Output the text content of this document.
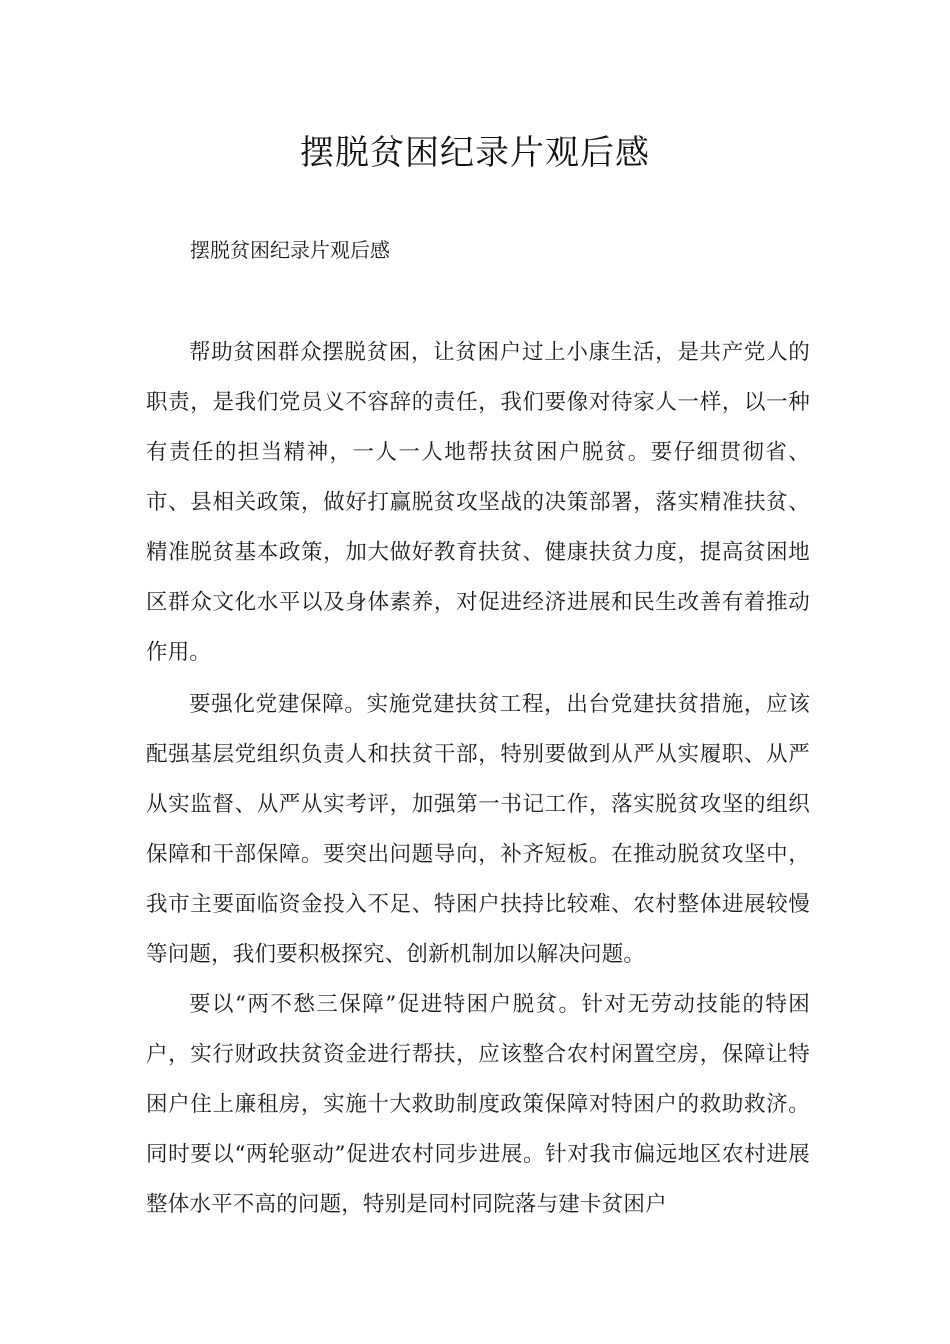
摆脱贫困纪录片观后感

摆脱贫困纪录片观后感

帮助贫困群众摆脱贫困，让贫困户过上小康生活，是共产党人的职责，是我们党员义不容辞的责任，我们要像对待家人一样，以一种有责任的担当精神，一人一人地帮扶贫困户脱贫。要仔细贯彻省、市、县相关政策，做好打赢脱贫攻坚战的决策部署，落实精准扶贫、精准脱贫基本政策，加大做好教育扶贫、健康扶贫力度，提高贫困地区群众文化水平以及身体素养，对促进经济进展和民生改善有着推动作用。

要强化党建保障。实施党建扶贫工程，出台党建扶贫措施，应该配强基层党组织负责人和扶贫干部，特别要做到从严从实履职、从严从实监督、从严从实考评，加强第一书记工作，落实脱贫攻坚的组织保障和干部保障。要突出问题导向，补齐短板。在推动脱贫攻坚中，我市主要面临资金投入不足、特困户扶持比较难、农村整体进展较慢等问题，我们要积极探究、创新机制加以解决问题。

要以“两不愁三保障”促进特困户脱贫。针对无劳动技能的特困户，实行财政扶贫资金进行帮扶，应该整合农村闲置空房，保障让特困户住上廉租房，实施十大救助制度政策保障对特困户的救助救济。同时要以“两轮驱动”促进农村同步进展。针对我市偏远地区农村进展整体水平不高的问题，特别是同村同院落与建卡贫困户
